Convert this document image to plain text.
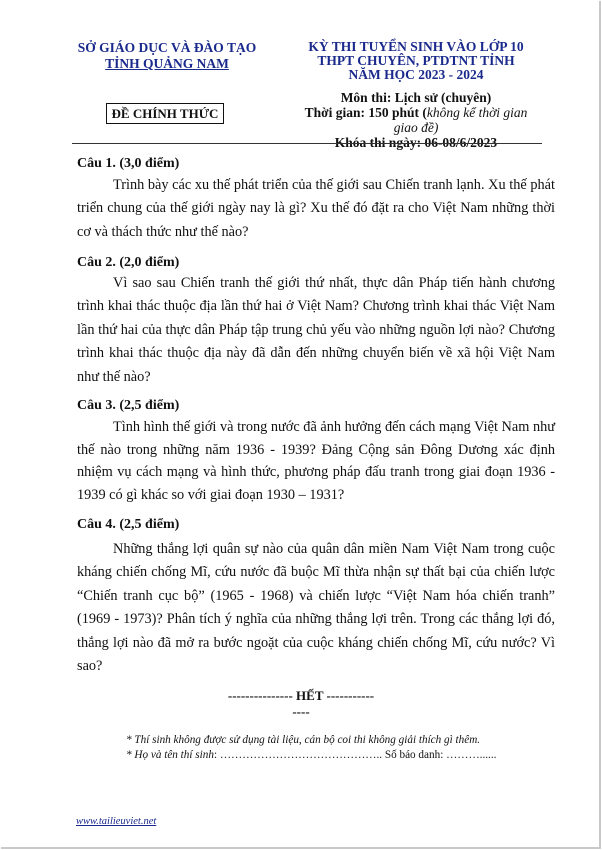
SỞ GIÁO DỤC VÀ ĐÀO TẠO
TỈNH QUẢNG NAM
KỲ THI TUYỂN SINH VÀO LỚP 10
THPT CHUYÊN, PTDTNT TỈNH
NĂM HỌC 2023 - 2024
ĐỀ CHÍNH THỨC
Môn thi: Lịch sử (chuyên)
Thời gian: 150 phút (không kể thời gian giao đề)
Khóa thi ngày: 06-08/6/2023
Câu 1. (3,0 điểm)
Trình bày các xu thế phát triển của thế giới sau Chiến tranh lạnh. Xu thế phát triển chung của thế giới ngày nay là gì? Xu thế đó đặt ra cho Việt Nam những thời cơ và thách thức như thế nào?
Câu 2. (2,0 điểm)
Vì sao sau Chiến tranh thế giới thứ nhất, thực dân Pháp tiến hành chương trình khai thác thuộc địa lần thứ hai ở Việt Nam? Chương trình khai thác Việt Nam lần thứ hai của thực dân Pháp tập trung chủ yếu vào những nguồn lợi nào? Chương trình khai thác thuộc địa này đã dẫn đến những chuyển biến về xã hội Việt Nam như thế nào?
Câu 3. (2,5 điểm)
Tình hình thế giới và trong nước đã ảnh hưởng đến cách mạng Việt Nam như thế nào trong những năm 1936 - 1939? Đảng Cộng sản Đông Dương xác định nhiệm vụ cách mạng và hình thức, phương pháp đấu tranh trong giai đoạn 1936 - 1939 có gì khác so với giai đoạn 1930 – 1931?
Câu 4. (2,5 điểm)
Những thắng lợi quân sự nào của quân dân miền Nam Việt Nam trong cuộc kháng chiến chống Mĩ, cứu nước đã buộc Mĩ thừa nhận sự thất bại của chiến lược “Chiến tranh cục bộ” (1965 - 1968) và chiến lược “Việt Nam hóa chiến tranh” (1969 - 1973)? Phân tích ý nghĩa của những thắng lợi trên. Trong các thắng lợi đó, thắng lợi nào đã mở ra bước ngoặt của cuộc kháng chiến chống Mĩ, cứu nước? Vì sao?
--------------- HẾT ---------------
* Thí sinh không được sử dụng tài liệu, cán bộ coi thi không giải thích gì thêm.
* Họ và tên thí sinh: …………………………………….. Số báo danh: ………......
www.tailieuviet.net
